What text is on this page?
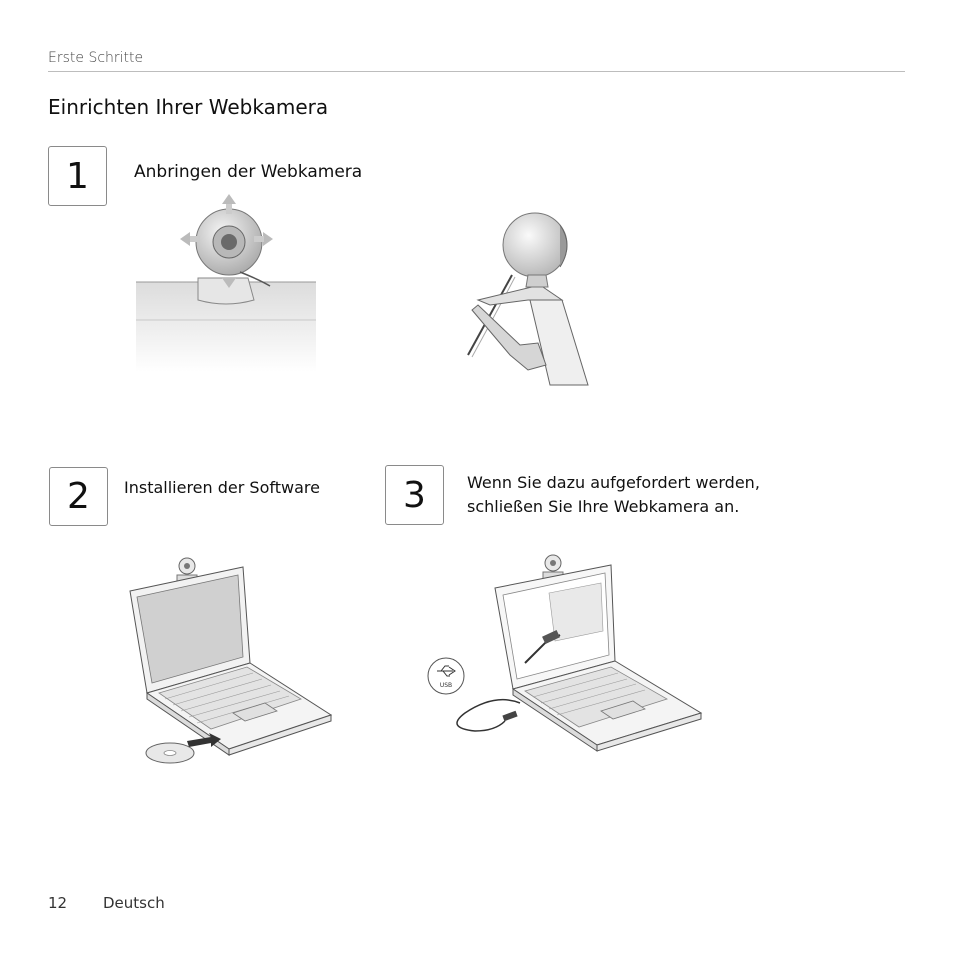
Erste Schritte
Einrichten Ihrer Webkamera
1	Anbringen der Webkamera
2 Installieren der Software 3	Wenn Sie dazu aufgefordert werden,
schließen Sie Ihre Webkamera an.
USB
12 Deutsch
